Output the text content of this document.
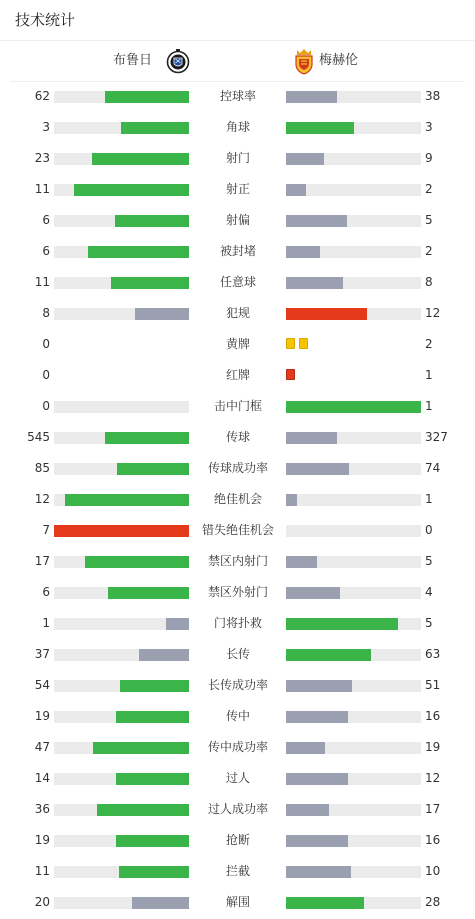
技术统计
布鲁日	梅赫伦
62	控球率	38
3	角球	3
23	射门	9
11	射正	2
6	射偏	5
6	被封堵	2
11	任意球	8
8	犯规	12
0	黄牌	2
0	红牌	1
0	击中门框	1
545	传球	327
85	传球成功率	74
12	绝佳机会	1
7	错失绝佳机会	0
17	禁区内射门	5
6	禁区外射门	4
1	门将扑救	5
37	长传	63
54	长传成功率	51
19	传中	16
47	传中成功率	19
14	过人	12
36	过人成功率	17
19	抢断	16
11	拦截	10
20	解围	28
